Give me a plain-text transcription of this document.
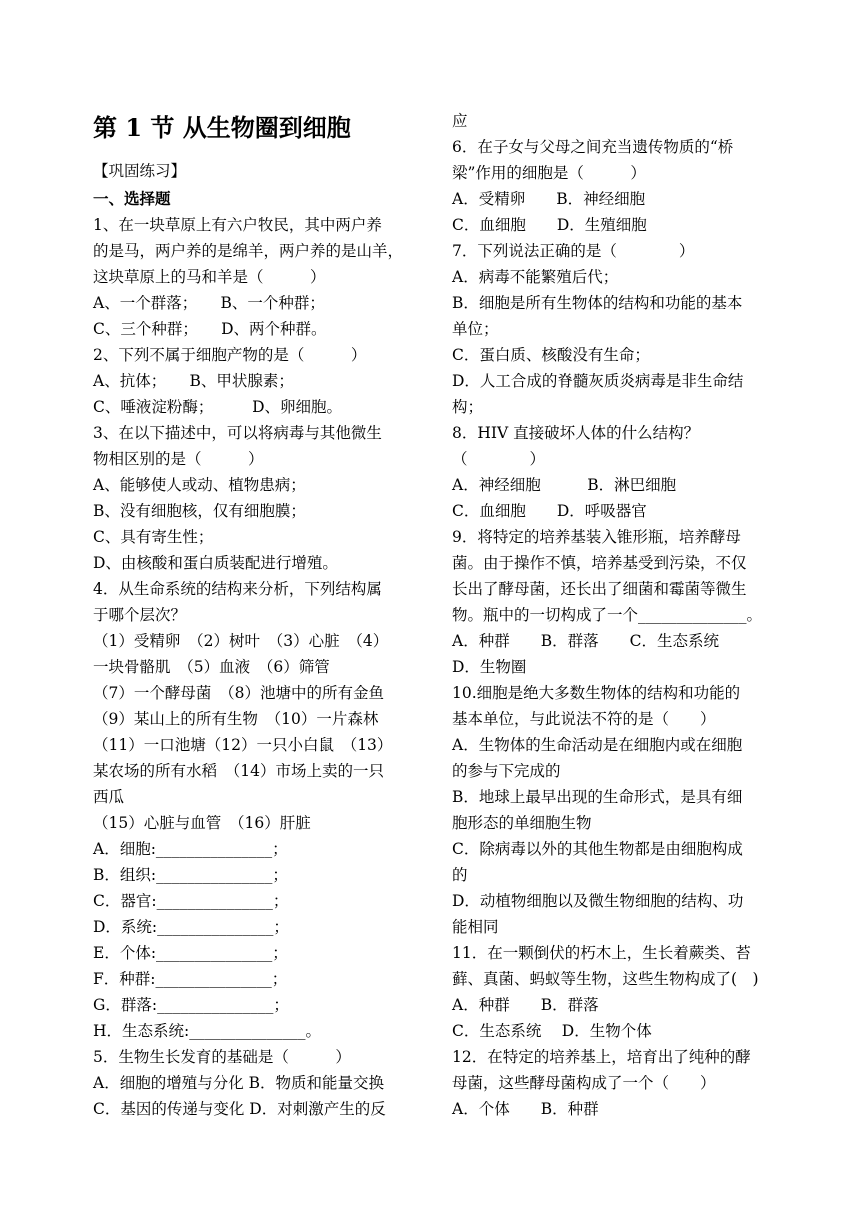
第 1 节 从生物圈到细胞
【巩固练习】
一、选择题
1、在一块草原上有六户牧民，其中两户养
的是马，两户养的是绵羊，两户养的是山羊，
这块草原上的马和羊是（　　　）
A、一个群落；　　B、一个种群；
C、三个种群；　　D、两个种群。
2、下列不属于细胞产物的是（　　　）
A、抗体；　　B、甲状腺素；
C、唾液淀粉酶；　　　D、卵细胞。
3、在以下描述中，可以将病毒与其他微生
物相区别的是（　　　）
A、能够使人或动、植物患病；
B、没有细胞核，仅有细胞膜；
C、具有寄生性；
D、由核酸和蛋白质装配进行增殖。
4．从生命系统的结构来分析，下列结构属
于哪个层次？
（1）受精卵　（2）树叶　（3）心脏　（4）
一块骨骼肌　（5）血液　（6）筛管
（7）一个酵母菌　（8）池塘中的所有金鱼
（9）某山上的所有生物　（10）一片森林
（11）一口池塘（12）一只小白鼠　（13）
某农场的所有水稻　（14）市场上卖的一只
西瓜
（15）心脏与血管　（16）肝脏
A．细胞:_______________；
B．组织:_______________；
C．器官:_______________；
D．系统:_______________；
E．个体:_______________；
F．种群:_______________；
G．群落:_______________；
H．生态系统:_______________。
5．生物生长发育的基础是（　　　）
A．细胞的增殖与分化 B．物质和能量交换
C．基因的传递与变化 D．对刺激产生的反
应
6．在子女与父母之间充当遗传物质的“桥
梁”作用的细胞是（　　　）
A．受精卵　　B．神经细胞
C．血细胞　　D．生殖细胞
7．下列说法正确的是（　　　　）
A．病毒不能繁殖后代；
B．细胞是所有生物体的结构和功能的基本
单位；
C．蛋白质、核酸没有生命；
D．人工合成的脊髓灰质炎病毒是非生命结
构；
8．HIV 直接破坏人体的什么结构？
（　　　　）
A．神经细胞　　　B．淋巴细胞
C．血细胞　　D．呼吸器官
9．将特定的培养基装入锥形瓶，培养酵母
菌。由于操作不慎，培养基受到污染，不仅
长出了酵母菌，还长出了细菌和霉菌等微生
物。瓶中的一切构成了一个______________。
A．种群　　B．群落　　C．生态系统
D．生物圈
10.细胞是绝大多数生物体的结构和功能的
基本单位，与此说法不符的是（　　）
A．生物体的生命活动是在细胞内或在细胞
的参与下完成的
B．地球上最早出现的生命形式，是具有细
胞形态的单细胞生物
C．除病毒以外的其他生物都是由细胞构成
的
D．动植物细胞以及微生物细胞的结构、功
能相同
11．在一颗倒伏的朽木上，生长着蕨类、苔
藓、真菌、蚂蚁等生物，这些生物构成了(　)
A．种群　　B．群落
C．生态系统　 D．生物个体
12．在特定的培养基上，培育出了纯种的酵
母菌，这些酵母菌构成了一个（　　）
A．个体　　B．种群
